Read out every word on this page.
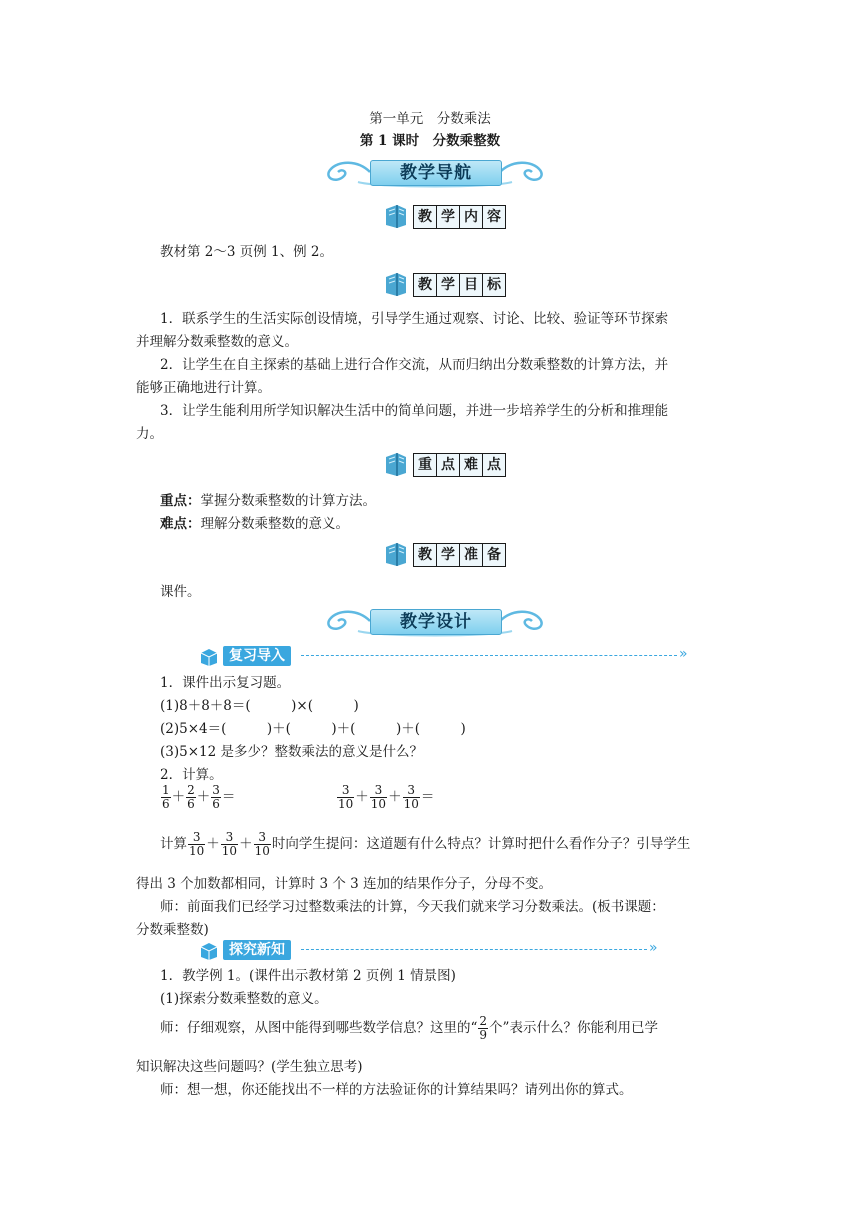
第一单元　分数乘法
第 1 课时　分数乘整数
教学导航
教 学 内 容
教材第 2～3 页例 1、例 2。
教 学 目 标
1．联系学生的生活实际创设情境，引导学生通过观察、讨论、比较、验证等环节探索
并理解分数乘整数的意义。
2．让学生在自主探索的基础上进行合作交流，从而归纳出分数乘整数的计算方法，并
能够正确地进行计算。
3．让学生能利用所学知识解决生活中的简单问题，并进一步培养学生的分析和推理能
力。
重 点 难 点
重点：掌握分数乘整数的计算方法。
难点：理解分数乘整数的意义。
教 学 准 备
课件。
教学设计
复习导入	»
1．课件出示复习题。
(1)8＋8＋8＝(　　　)×(　　　)
(2)5×4＝(　　　)＋(　　　)＋(　　　)＋(　　　)
(3)5×12 是多少？整数乘法的意义是什么？
2．计算。
$\frac{1}{6} + \frac{2}{6} + \frac{3}{6}$ ＝	$\frac{3}{10} + \frac{3}{10} + \frac{3}{10}$ ＝
计算 $\frac{3}{10} + \frac{3}{10} + \frac{3}{10}$ 时向学生提问：这道题有什么特点？计算时把什么看作分子？引导学生
得出 3 个加数都相同，计算时 3 个 3 连加的结果作分子，分母不变。
师：前面我们已经学习过整数乘法的计算，今天我们就来学习分数乘法。(板书课题：
分数乘整数)
探究新知	»
1．教学例 1。(课件出示教材第 2 页例 1 情景图)
(1)探索分数乘整数的意义。
师：仔细观察，从图中能得到哪些数学信息？这里的“ $\frac{2}{9}$ 个”表示什么？你能利用已学
知识解决这些问题吗？(学生独立思考)
师：想一想，你还能找出不一样的方法验证你的计算结果吗？请列出你的算式。
